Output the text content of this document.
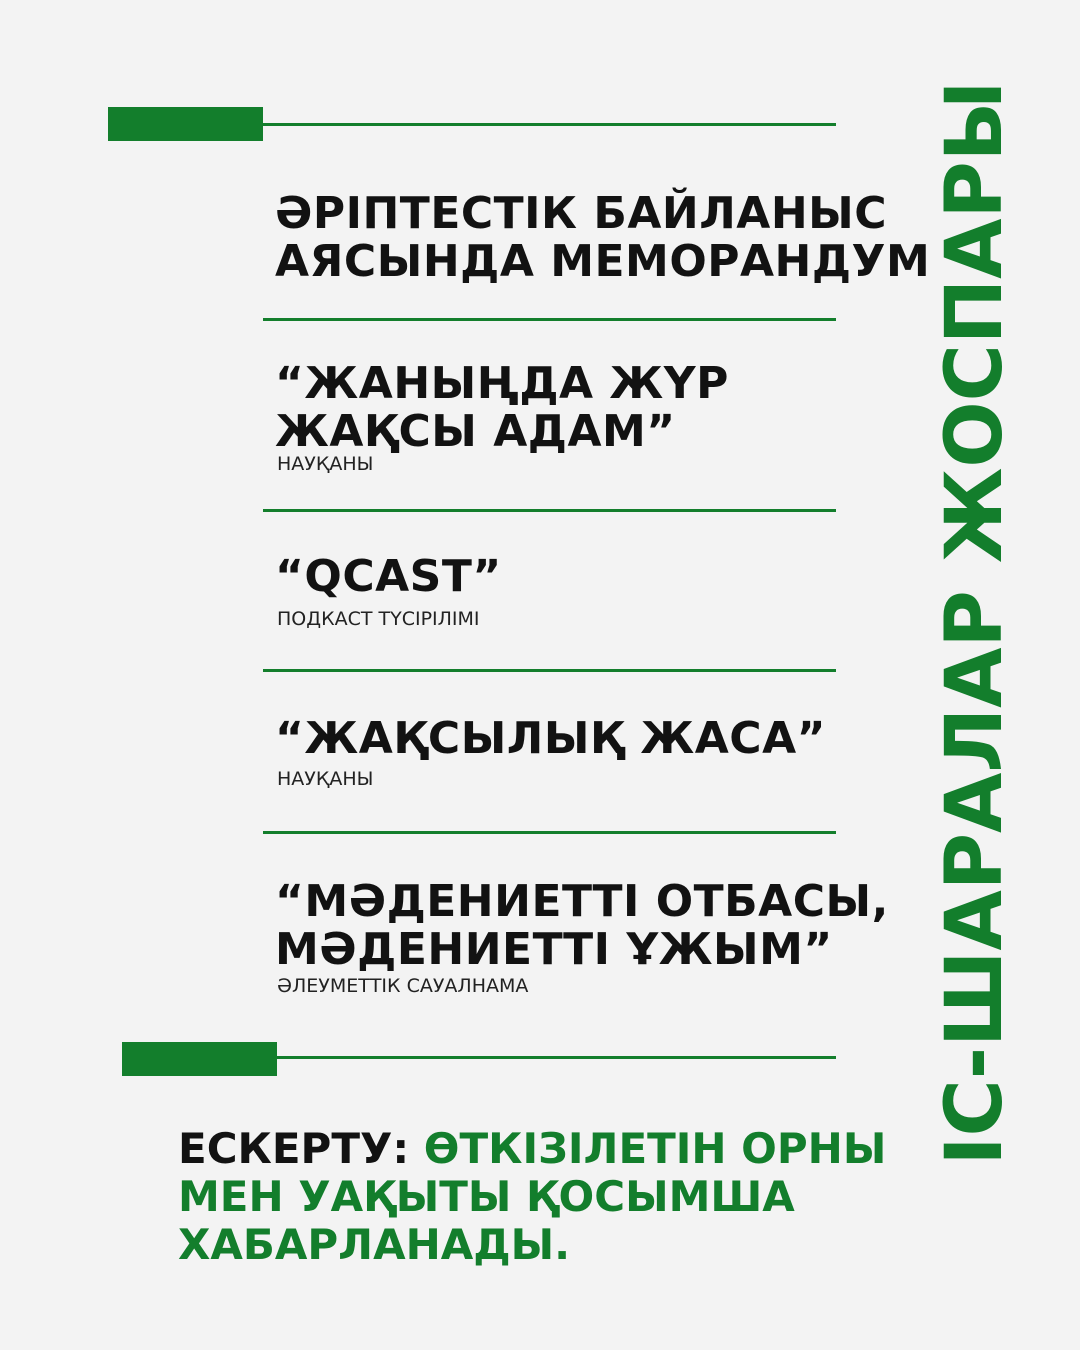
ӘРІПТЕСТІК БАЙЛАНЫС
АЯСЫНДА МЕМОРАНДУМ
“ЖАНЫҢДА ЖҮР
ЖАҚСЫ АДАМ”
НАУҚАНЫ
“QCAST”
ПОДКАСТ ТҮСІРІЛІМІ
“ЖАҚСЫЛЫҚ ЖАСА”
НАУҚАНЫ
“МӘДЕНИЕТТІ ОТБАСЫ,
МӘДЕНИЕТТІ ҰЖЫМ”
ӘЛЕУМЕТТІК САУАЛНАМА	ІС-ШАРАЛАР ЖОСПАРЫ
ЕСКЕРТУ: ӨТКІЗІЛЕТІН ОРНЫ
МЕН УАҚЫТЫ ҚОСЫМША
ХАБАРЛАНАДЫ.
